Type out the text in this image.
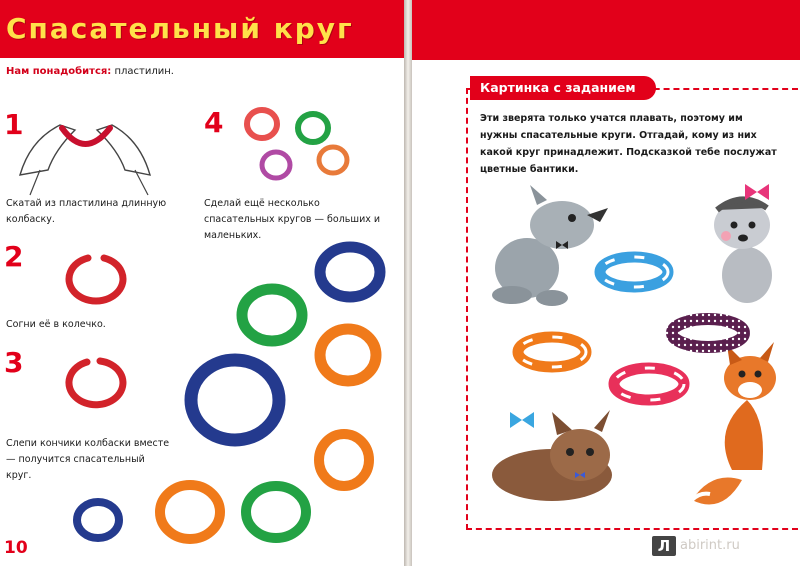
Спасательный круг
Нам понадобится: пластилин.
1
Скатай из пластилина длинную колбаску.
2
Согни её в колечко.
3
Слепи кончики колбаски вместе — получится спасательный круг.
4
Сделай ещё несколько спасательных кругов — больших и маленьких.
10
Картинка с заданием
Эти зверята только учатся плавать, поэтому им нужны спасательные круги. Отгадай, кому из них какой круг принадлежит. Подсказкой тебе послужат цветные бантики.
Л abirint.ru
